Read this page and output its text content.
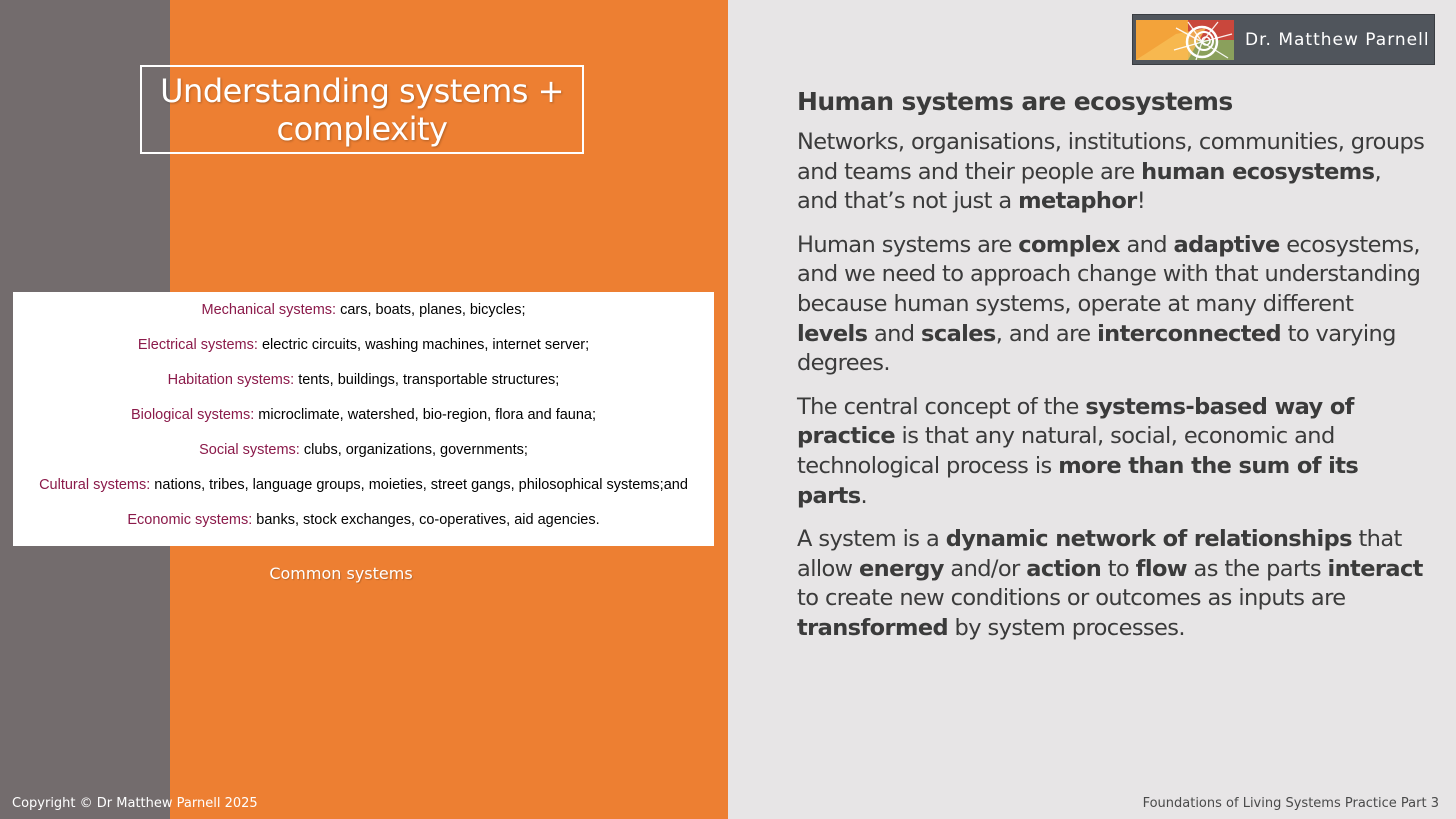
Understanding systems + complexity
Mechanical systems: cars, boats, planes, bicycles;
Electrical systems: electric circuits, washing machines, internet server;
Habitation systems: tents, buildings, transportable structures;
Biological systems: microclimate, watershed, bio-region, flora and fauna;
Social systems: clubs, organizations, governments;
Cultural systems: nations, tribes, language groups, moieties, street gangs, philosophical systems;and
Economic systems: banks, stock exchanges, co-operatives, aid agencies.
Common systems
Copyright © Dr Matthew Parnell 2025
Dr. Matthew Parnell
Human systems are ecosystems

Networks, organisations, institutions, communities, groups and teams and their people are human ecosystems, and that’s not just a metaphor!

Human systems are complex and adaptive ecosystems, and we need to approach change with that understanding because human systems, operate at many different levels and scales, and are interconnected to varying degrees.

The central concept of the systems-based way of practice is that any natural, social, economic and technological process is more than the sum of its parts.

A system is a dynamic network of relationships that allow energy and/or action to flow as the parts interact to create new conditions or outcomes as inputs are transformed by system processes.

Foundations of Living Systems Practice Part 3
